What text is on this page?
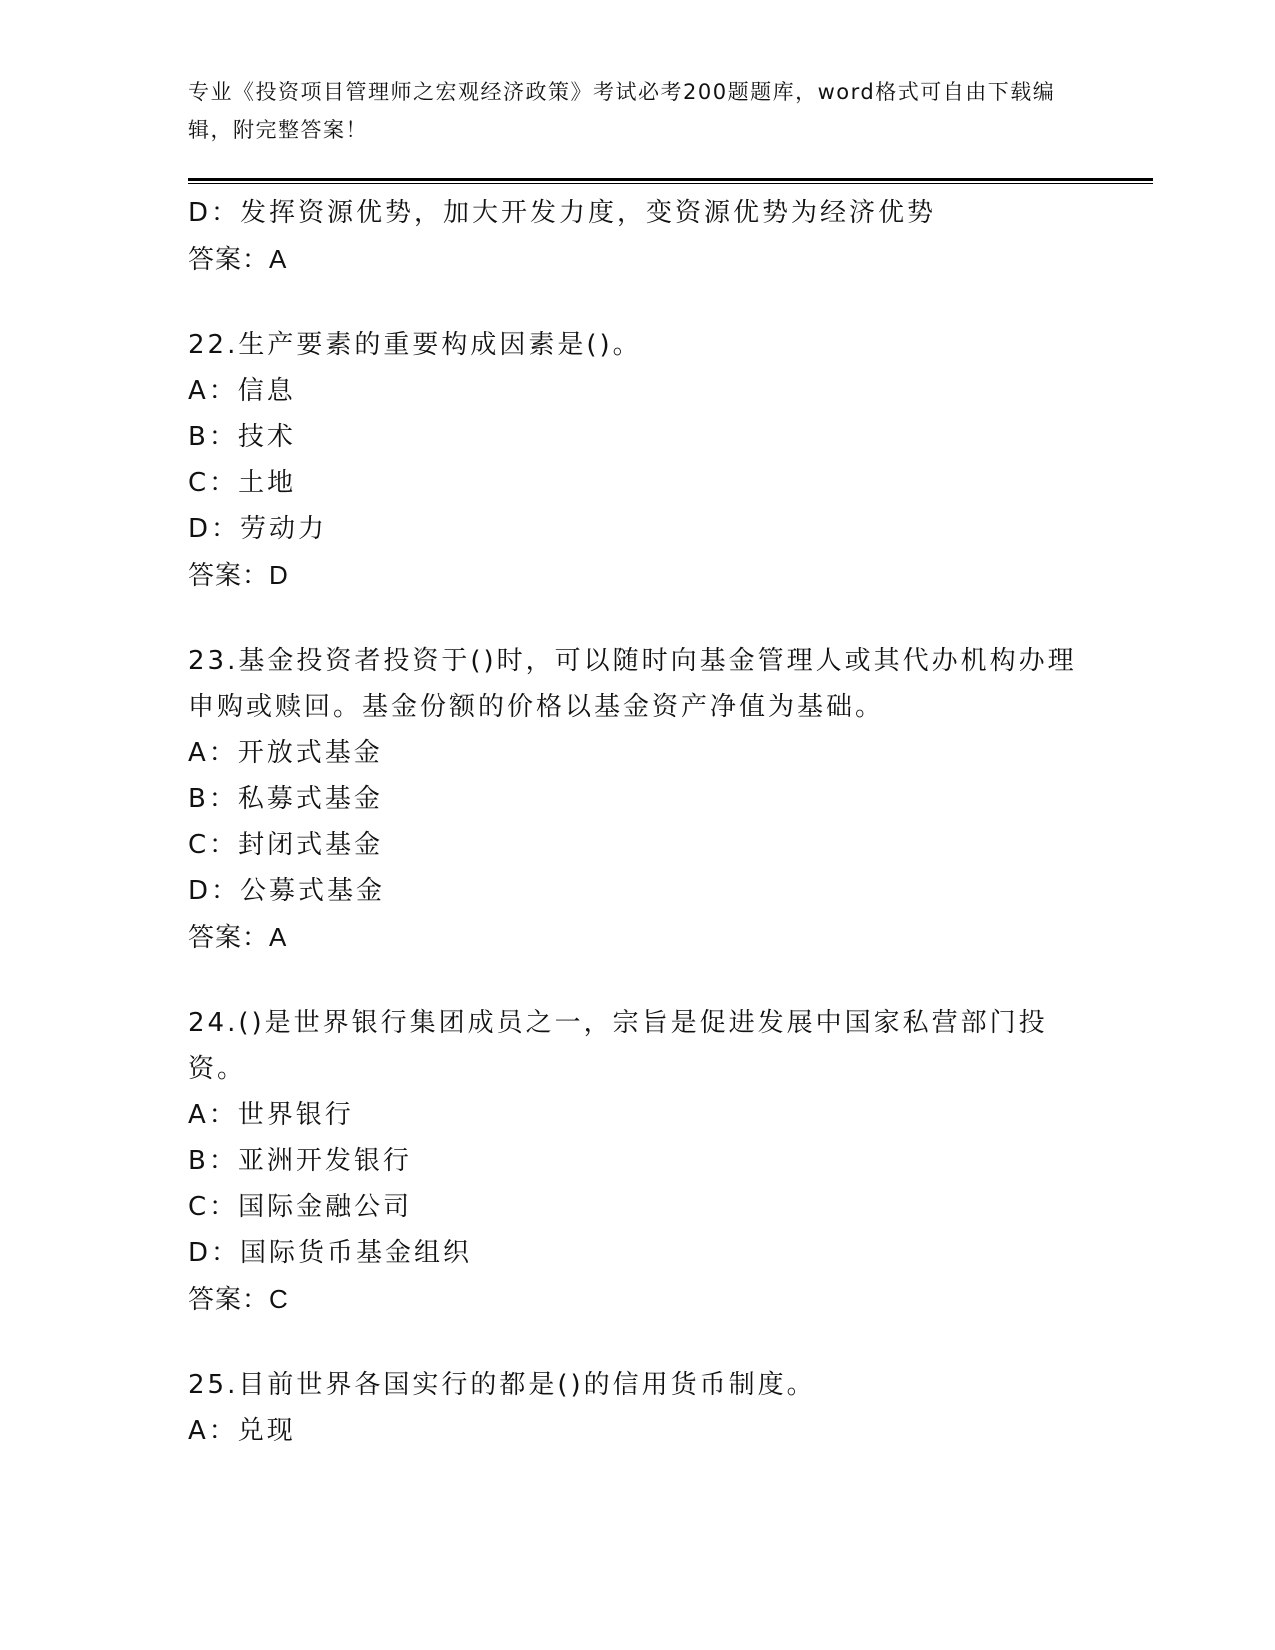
专业《投资项目管理师之宏观经济政策》考试必考200题题库，word格式可自由下载编辑，附完整答案！
D：发挥资源优势，加大开发力度，变资源优势为经济优势
答案：A
22.生产要素的重要构成因素是()。
A：信息
B：技术
C：土地
D：劳动力
答案：D
23.基金投资者投资于()时，可以随时向基金管理人或其代办机构办理申购或赎回。基金份额的价格以基金资产净值为基础。
A：开放式基金
B：私募式基金
C：封闭式基金
D：公募式基金
答案：A
24.()是世界银行集团成员之一，宗旨是促进发展中国家私营部门投资。
A：世界银行
B：亚洲开发银行
C：国际金融公司
D：国际货币基金组织
答案：C
25.目前世界各国实行的都是()的信用货币制度。
A：兑现
